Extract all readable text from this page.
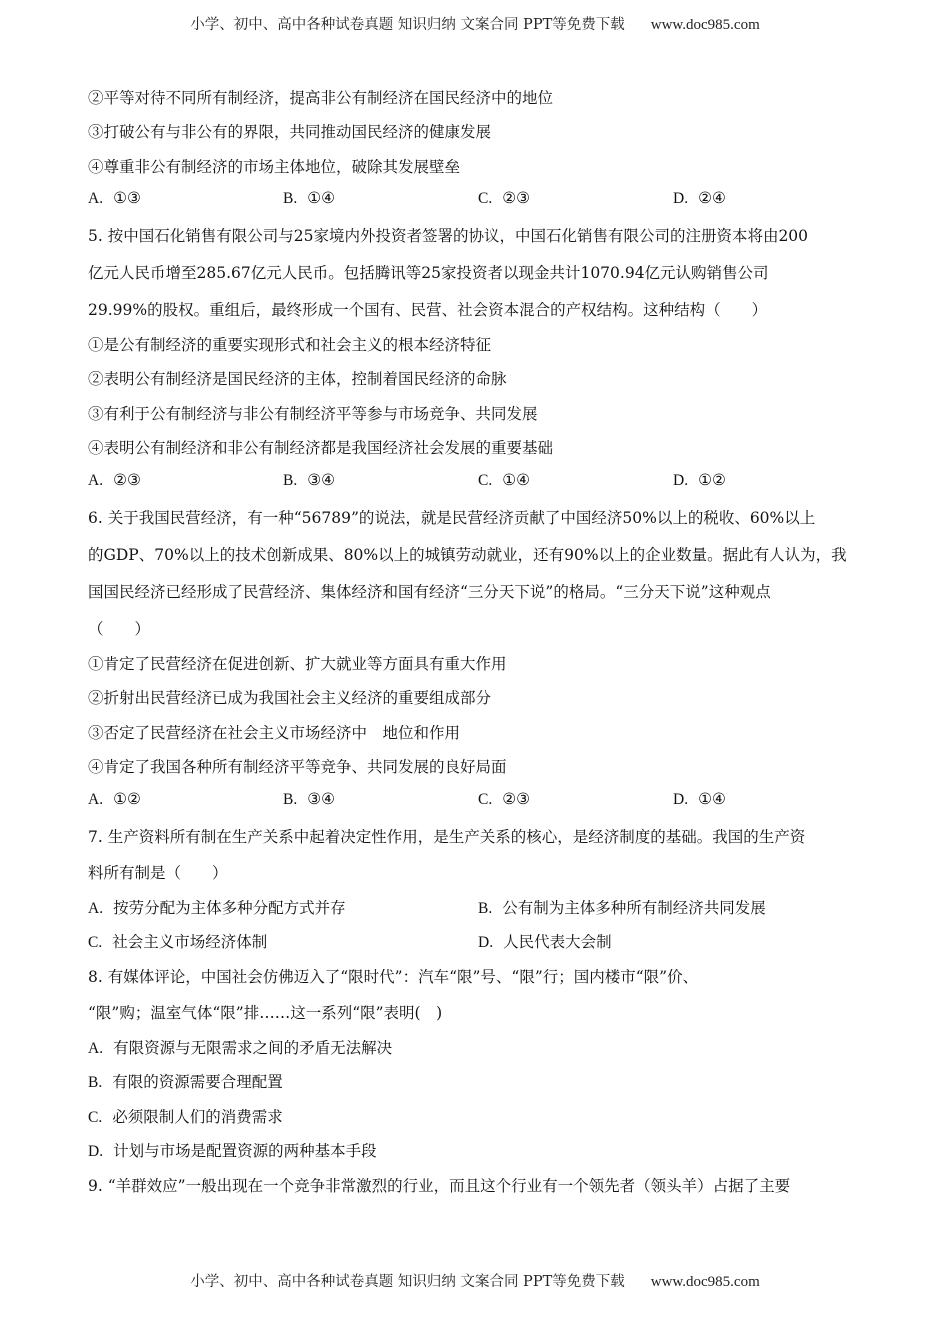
小学、初中、高中各种试卷真题 知识归纳 文案合同 PPT等免费下载 www.doc985.com
②平等对待不同所有制经济，提高非公有制经济在国民经济中的地位
③打破公有与非公有的界限，共同推动国民经济的健康发展
④尊重非公有制经济的市场主体地位，破除其发展壁垒
A. ①③	B. ①④	C. ②③	D. ②④
5. 按中国石化销售有限公司与25家境内外投资者签署的协议，中国石化销售有限公司的注册资本将由200
亿元人民币增至285.67亿元人民币。包括腾讯等25家投资者以现金共计1070.94亿元认购销售公司
29.99%的股权。重组后，最终形成一个国有、民营、社会资本混合的产权结构。这种结构（　　）
①是公有制经济的重要实现形式和社会主义的根本经济特征
②表明公有制经济是国民经济的主体，控制着国民经济的命脉
③有利于公有制经济与非公有制经济平等参与市场竞争、共同发展
④表明公有制经济和非公有制经济都是我国经济社会发展的重要基础
A. ②③	B. ③④	C. ①④	D. ①②
6. 关于我国民营经济，有一种“56789”的说法，就是民营经济贡献了中国经济50%以上的税收、60%以上
的GDP、70%以上的技术创新成果、80%以上的城镇劳动就业，还有90%以上的企业数量。据此有人认为，我
国国民经济已经形成了民营经济、集体经济和国有经济“三分天下说”的格局。“三分天下说”这种观点
（　　）
①肯定了民营经济在促进创新、扩大就业等方面具有重大作用
②折射出民营经济已成为我国社会主义经济的重要组成部分
③否定了民营经济在社会主义市场经济中　地位和作用
④肯定了我国各种所有制经济平等竞争、共同发展的良好局面
A. ①②	B. ③④	C. ②③	D. ①④
7. 生产资料所有制在生产关系中起着决定性作用，是生产关系的核心，是经济制度的基础。我国的生产资
料所有制是（　　）
A. 按劳分配为主体多种分配方式并存	B. 公有制为主体多种所有制经济共同发展
C. 社会主义市场经济体制	D. 人民代表大会制
8. 有媒体评论，中国社会仿佛迈入了“限时代”：汽车“限”号、“限”行；国内楼市“限”价、
“限”购；温室气体“限”排……这一系列“限”表明(　)
A. 有限资源与无限需求之间的矛盾无法解决
B. 有限的资源需要合理配置
C. 必须限制人们的消费需求
D. 计划与市场是配置资源的两种基本手段
9. “羊群效应”一般出现在一个竞争非常激烈的行业，而且这个行业有一个领先者（领头羊）占据了主要
小学、初中、高中各种试卷真题 知识归纳 文案合同 PPT等免费下载 www.doc985.com
